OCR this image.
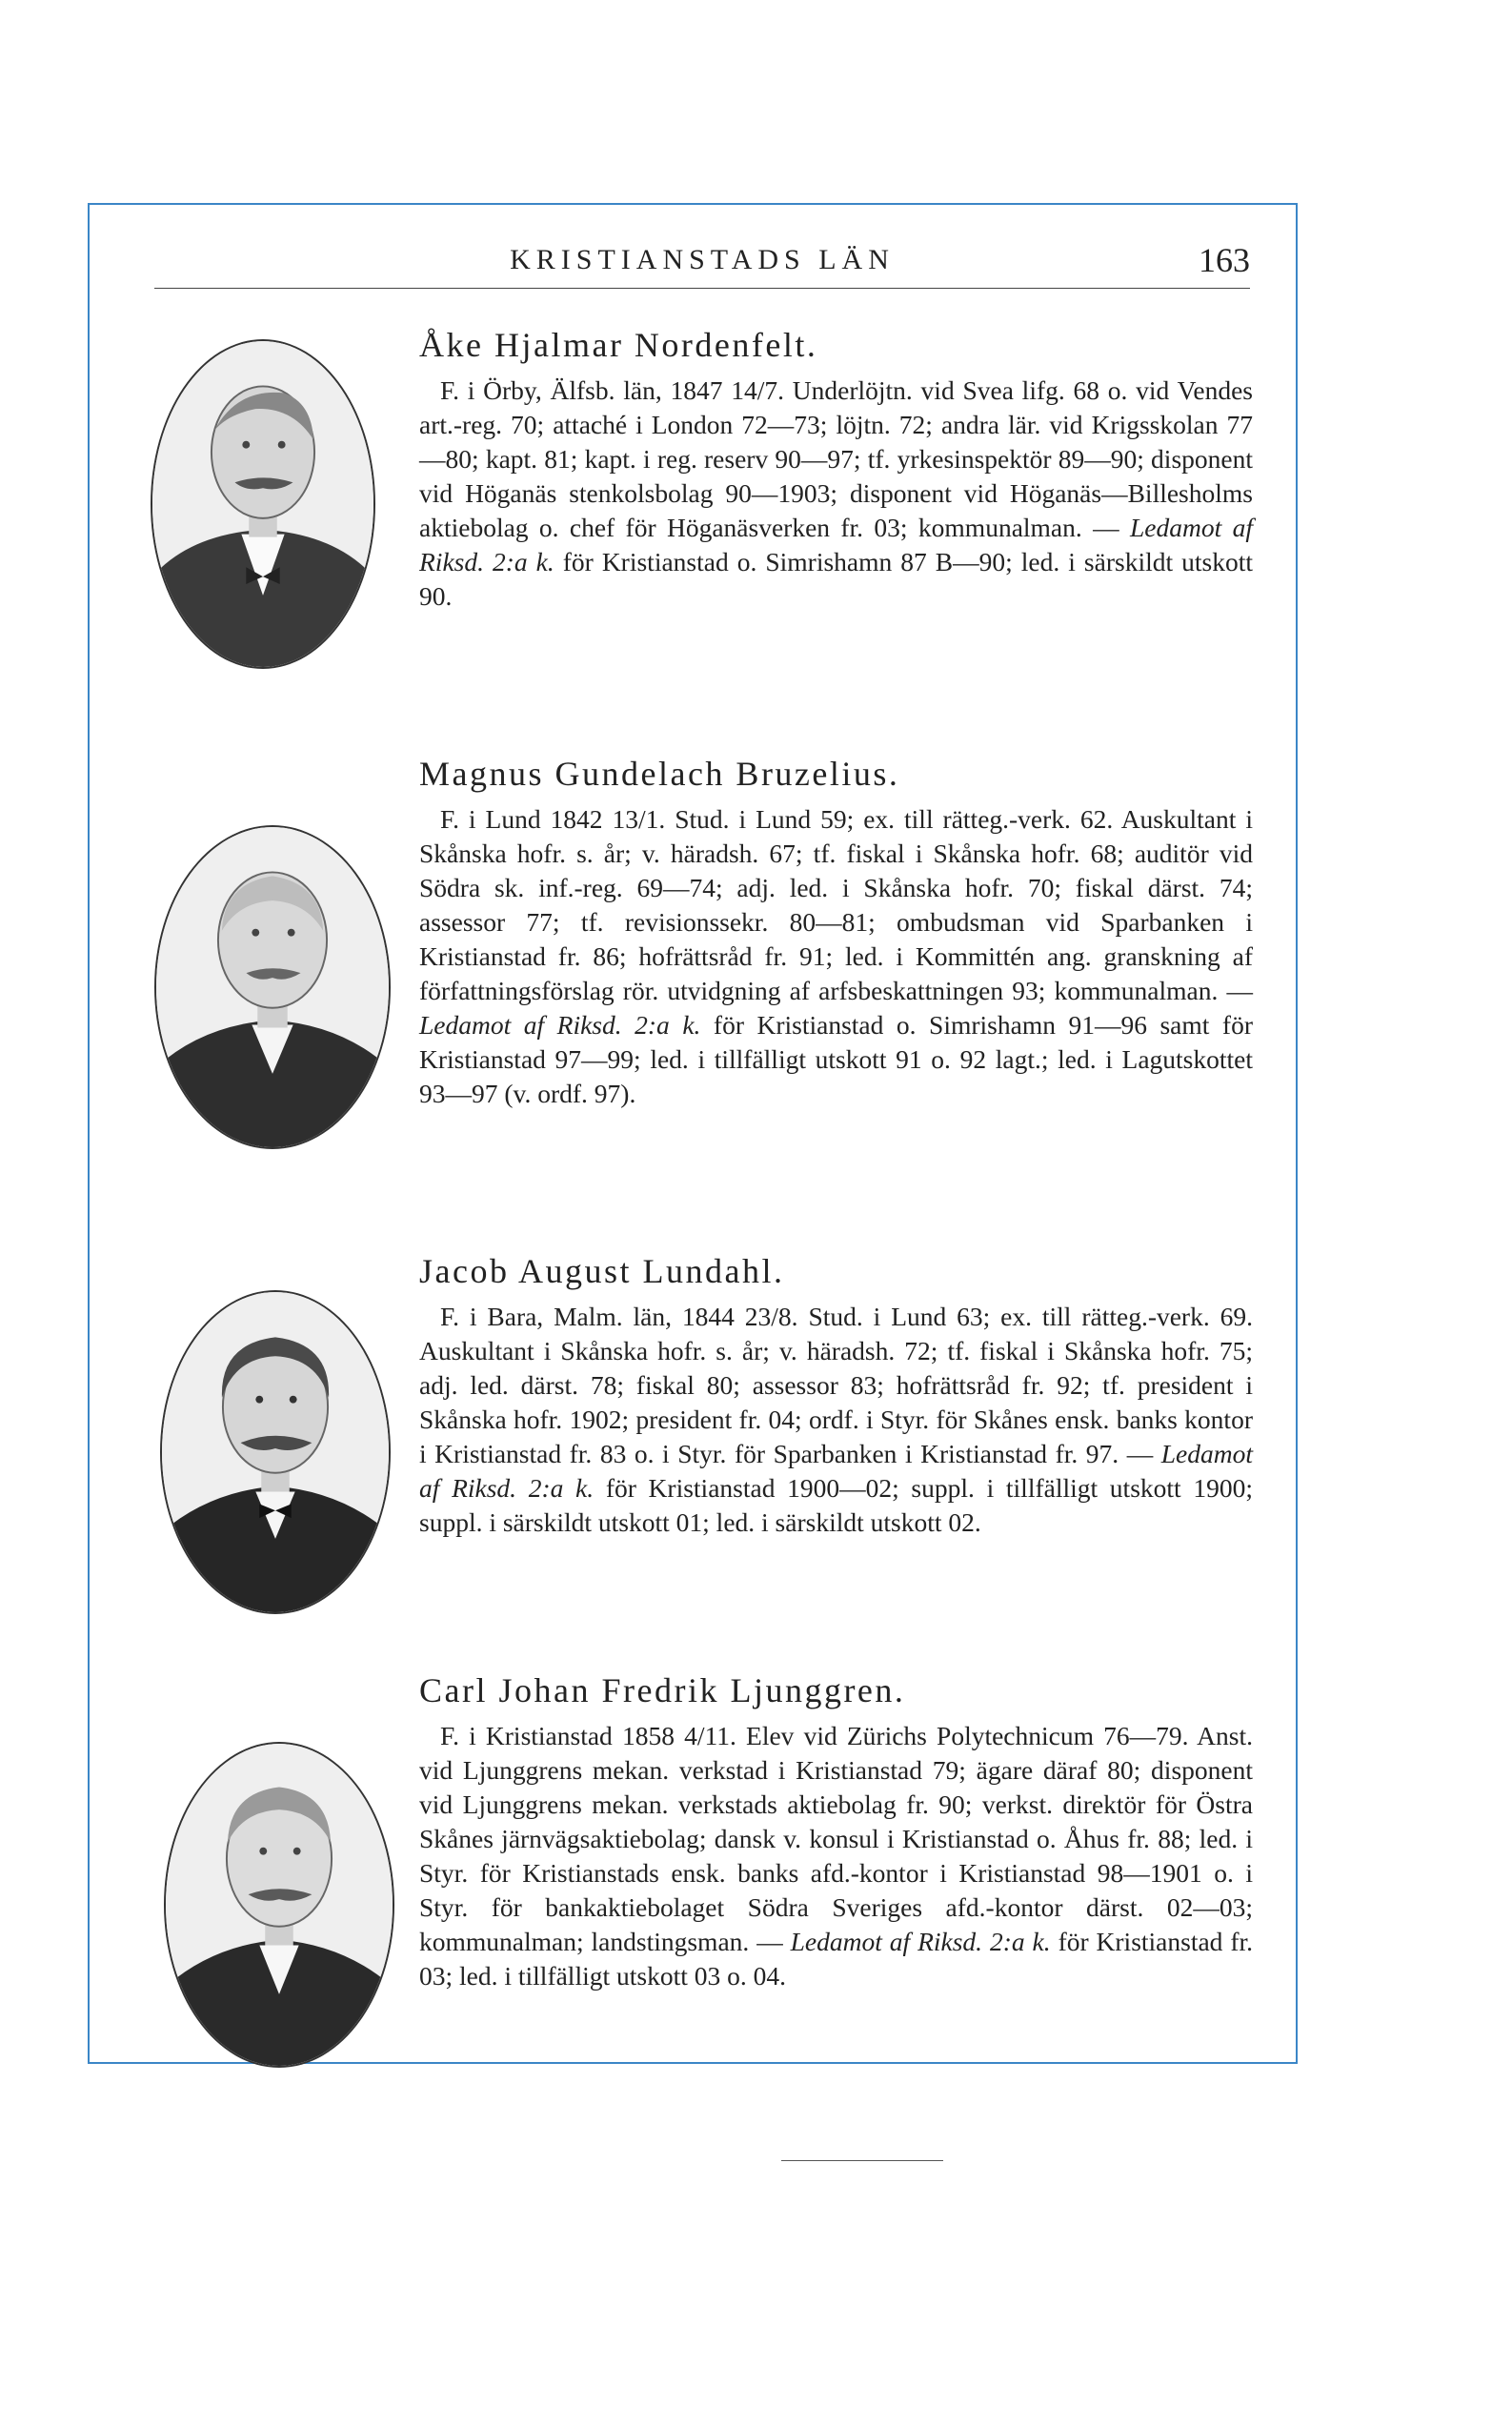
KRISTIANSTADS LÄN	163
Åke Hjalmar Nordenfelt.
F. i Örby, Älfsb. län, 1847 14/7. Underlöjtn. vid Svea lifg. 68 o. vid Vendes art.-reg. 70; attaché i London 72—73; löjtn. 72; andra lär. vid Krigsskolan 77—80; kapt. 81; kapt. i reg. reserv 90—97; tf. yrkesinspektör 89—90; disponent vid Höganäs stenkolsbolag 90—1903; disponent vid Höganäs—Billesholms aktiebolag o. chef för Höganäsverken fr. 03; kommunalman. — Ledamot af Riksd. 2:a k. för Kristianstad o. Simrishamn 87 B—90; led. i särskildt utskott 90.
Magnus Gundelach Bruzelius.
F. i Lund 1842 13/1. Stud. i Lund 59; ex. till rätteg.-verk. 62. Auskultant i Skånska hofr. s. år; v. häradsh. 67; tf. fiskal i Skånska hofr. 68; auditör vid Södra sk. inf.-reg. 69—74; adj. led. i Skånska hofr. 70; fiskal därst. 74; assessor 77; tf. revisionssekr. 80—81; ombudsman vid Sparbanken i Kristianstad fr. 86; hofrättsråd fr. 91; led. i Kommittén ang. granskning af författningsförslag rör. utvidgning af arfsbeskattningen 93; kommunalman. — Ledamot af Riksd. 2:a k. för Kristianstad o. Simrishamn 91—96 samt för Kristianstad 97—99; led. i tillfälligt utskott 91 o. 92 lagt.; led. i Lagutskottet 93—97 (v. ordf. 97).
Jacob August Lundahl.
F. i Bara, Malm. län, 1844 23/8. Stud. i Lund 63; ex. till rätteg.-verk. 69. Auskultant i Skånska hofr. s. år; v. häradsh. 72; tf. fiskal i Skånska hofr. 75; adj. led. därst. 78; fiskal 80; assessor 83; hofrättsråd fr. 92; tf. president i Skånska hofr. 1902; president fr. 04; ordf. i Styr. för Skånes ensk. banks kontor i Kristianstad fr. 83 o. i Styr. för Sparbanken i Kristianstad fr. 97. — Ledamot af Riksd. 2:a k. för Kristianstad 1900—02; suppl. i tillfälligt utskott 1900; suppl. i särskildt utskott 01; led. i särskildt utskott 02.
Carl Johan Fredrik Ljunggren.
F. i Kristianstad 1858 4/11. Elev vid Zürichs Polytechnicum 76—79. Anst. vid Ljunggrens mekan. verkstad i Kristianstad 79; ägare däraf 80; disponent vid Ljunggrens mekan. verkstads aktiebolag fr. 90; verkst. direktör för Östra Skånes järnvägsaktiebolag; dansk v. konsul i Kristianstad o. Åhus fr. 88; led. i Styr. för Kristianstads ensk. banks afd.-kontor i Kristianstad 98—1901 o. i Styr. för bankaktiebolaget Södra Sveriges afd.-kontor därst. 02—03; kommunalman; landstingsman. — Ledamot af Riksd. 2:a k. för Kristianstad fr. 03; led. i tillfälligt utskott 03 o. 04.
